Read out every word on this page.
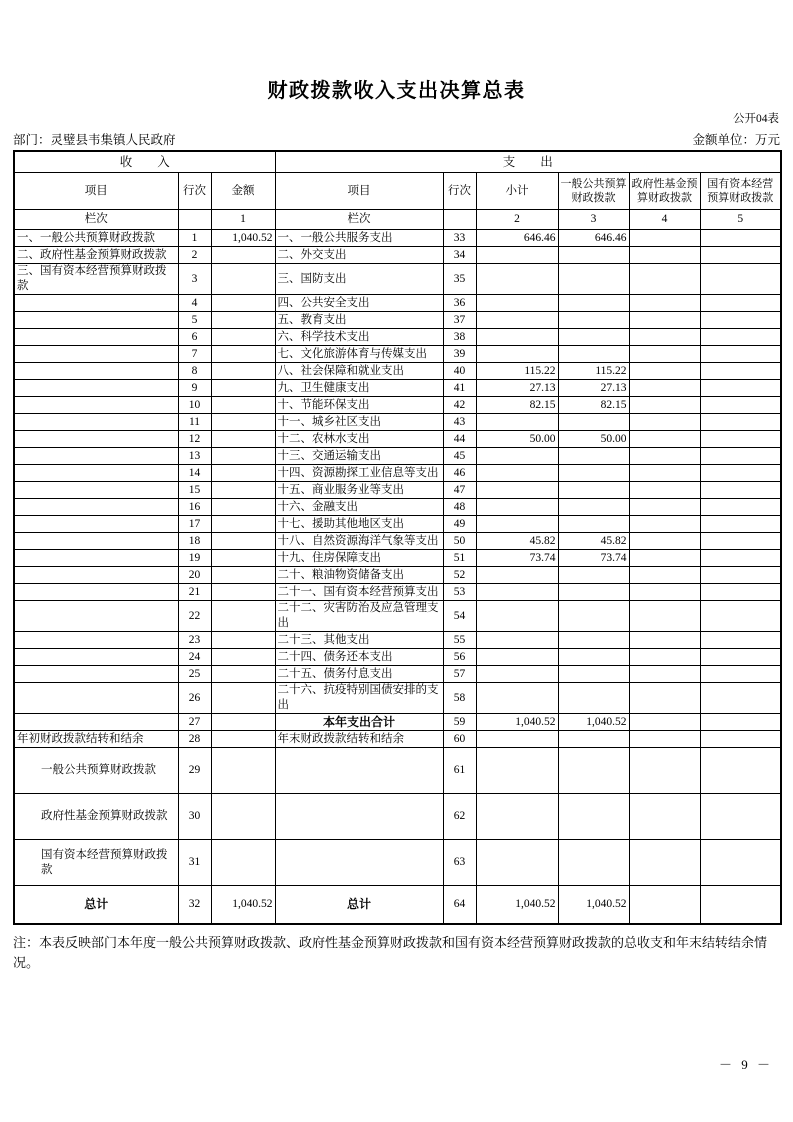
财政拨款收入支出决算总表
公开04表
部门：灵璧县韦集镇人民政府	金额单位：万元
收　　入			支　　出					
项目	行次	金额	项目	行次	小计	一般公共预算财政拨款	政府性基金预算财政拨款	国有资本经营预算财政拨款
栏次		1	栏次		2	3	4	5
一、一般公共预算财政拨款	1	1,040.52	一、一般公共服务支出	33	646.46	646.46		
二、政府性基金预算财政拨款	2		二、外交支出	34				
三、国有资本经营预算财政拨款	3		三、国防支出	35				
	4		四、公共安全支出	36				
	5		五、教育支出	37				
	6		六、科学技术支出	38				
	7		七、文化旅游体育与传媒支出	39				
	8		八、社会保障和就业支出	40	115.22	115.22		
	9		九、卫生健康支出	41	27.13	27.13		
	10		十、节能环保支出	42	82.15	82.15		
	11		十一、城乡社区支出	43				
	12		十二、农林水支出	44	50.00	50.00		
	13		十三、交通运输支出	45				
	14		十四、资源勘探工业信息等支出	46				
	15		十五、商业服务业等支出	47				
	16		十六、金融支出	48				
	17		十七、援助其他地区支出	49				
	18		十八、自然资源海洋气象等支出	50	45.82	45.82		
	19		十九、住房保障支出	51	73.74	73.74		
	20		二十、粮油物资储备支出	52				
	21		二十一、国有资本经营预算支出	53				
	22		二十二、灾害防治及应急管理支出	54				
	23		二十三、其他支出	55				
	24		二十四、债务还本支出	56				
	25		二十五、债务付息支出	57				
	26		二十六、抗疫特别国债安排的支出	58				
	27		本年支出合计	59	1,040.52	1,040.52		
年初财政拨款结转和结余	28		年末财政拨款结转和结余	60				
一般公共预算财政拨款	29			61				
政府性基金预算财政拨款	30			62				
国有资本经营预算财政拨款	31			63				
总计	32	1,040.52	总计	64	1,040.52	1,040.52		
注：本表反映部门本年度一般公共预算财政拨款、政府性基金预算财政拨款和国有资本经营预算财政拨款的总收支和年末结转结余情况。
－ 9 －
